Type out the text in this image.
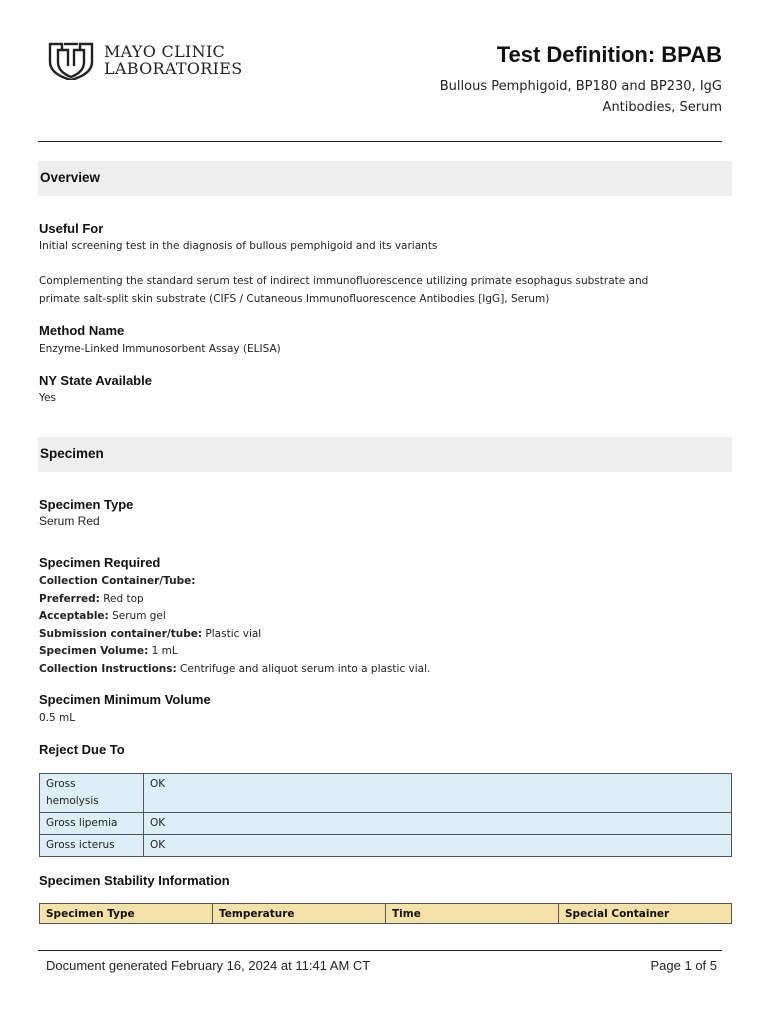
MAYO CLINIC
LABORATORIES
Test Definition: BPAB
Bullous Pemphigoid, BP180 and BP230, IgG Antibodies, Serum
Overview
Useful For
Initial screening test in the diagnosis of bullous pemphigoid and its variants
Complementing the standard serum test of indirect immunofluorescence utilizing primate esophagus substrate and
primate salt-split skin substrate (CIFS / Cutaneous Immunofluorescence Antibodies [IgG], Serum)
Method Name
Enzyme-Linked Immunosorbent Assay (ELISA)
NY State Available
Yes
Specimen
Specimen Type
Serum Red
Specimen Required
Collection Container/Tube:
Preferred: Red top
Acceptable: Serum gel
Submission container/tube: Plastic vial
Specimen Volume: 1 mL
Collection Instructions: Centrifuge and aliquot serum into a plastic vial.
Specimen Minimum Volume
0.5 mL
Reject Due To
Gross
hemolysis	OK
Gross lipemia	OK
Gross icterus	OK
Specimen Stability Information
Specimen Type	Temperature	Time	Special Container
Document generated February 16, 2024 at 11:41 AM CT	Page 1 of 5
